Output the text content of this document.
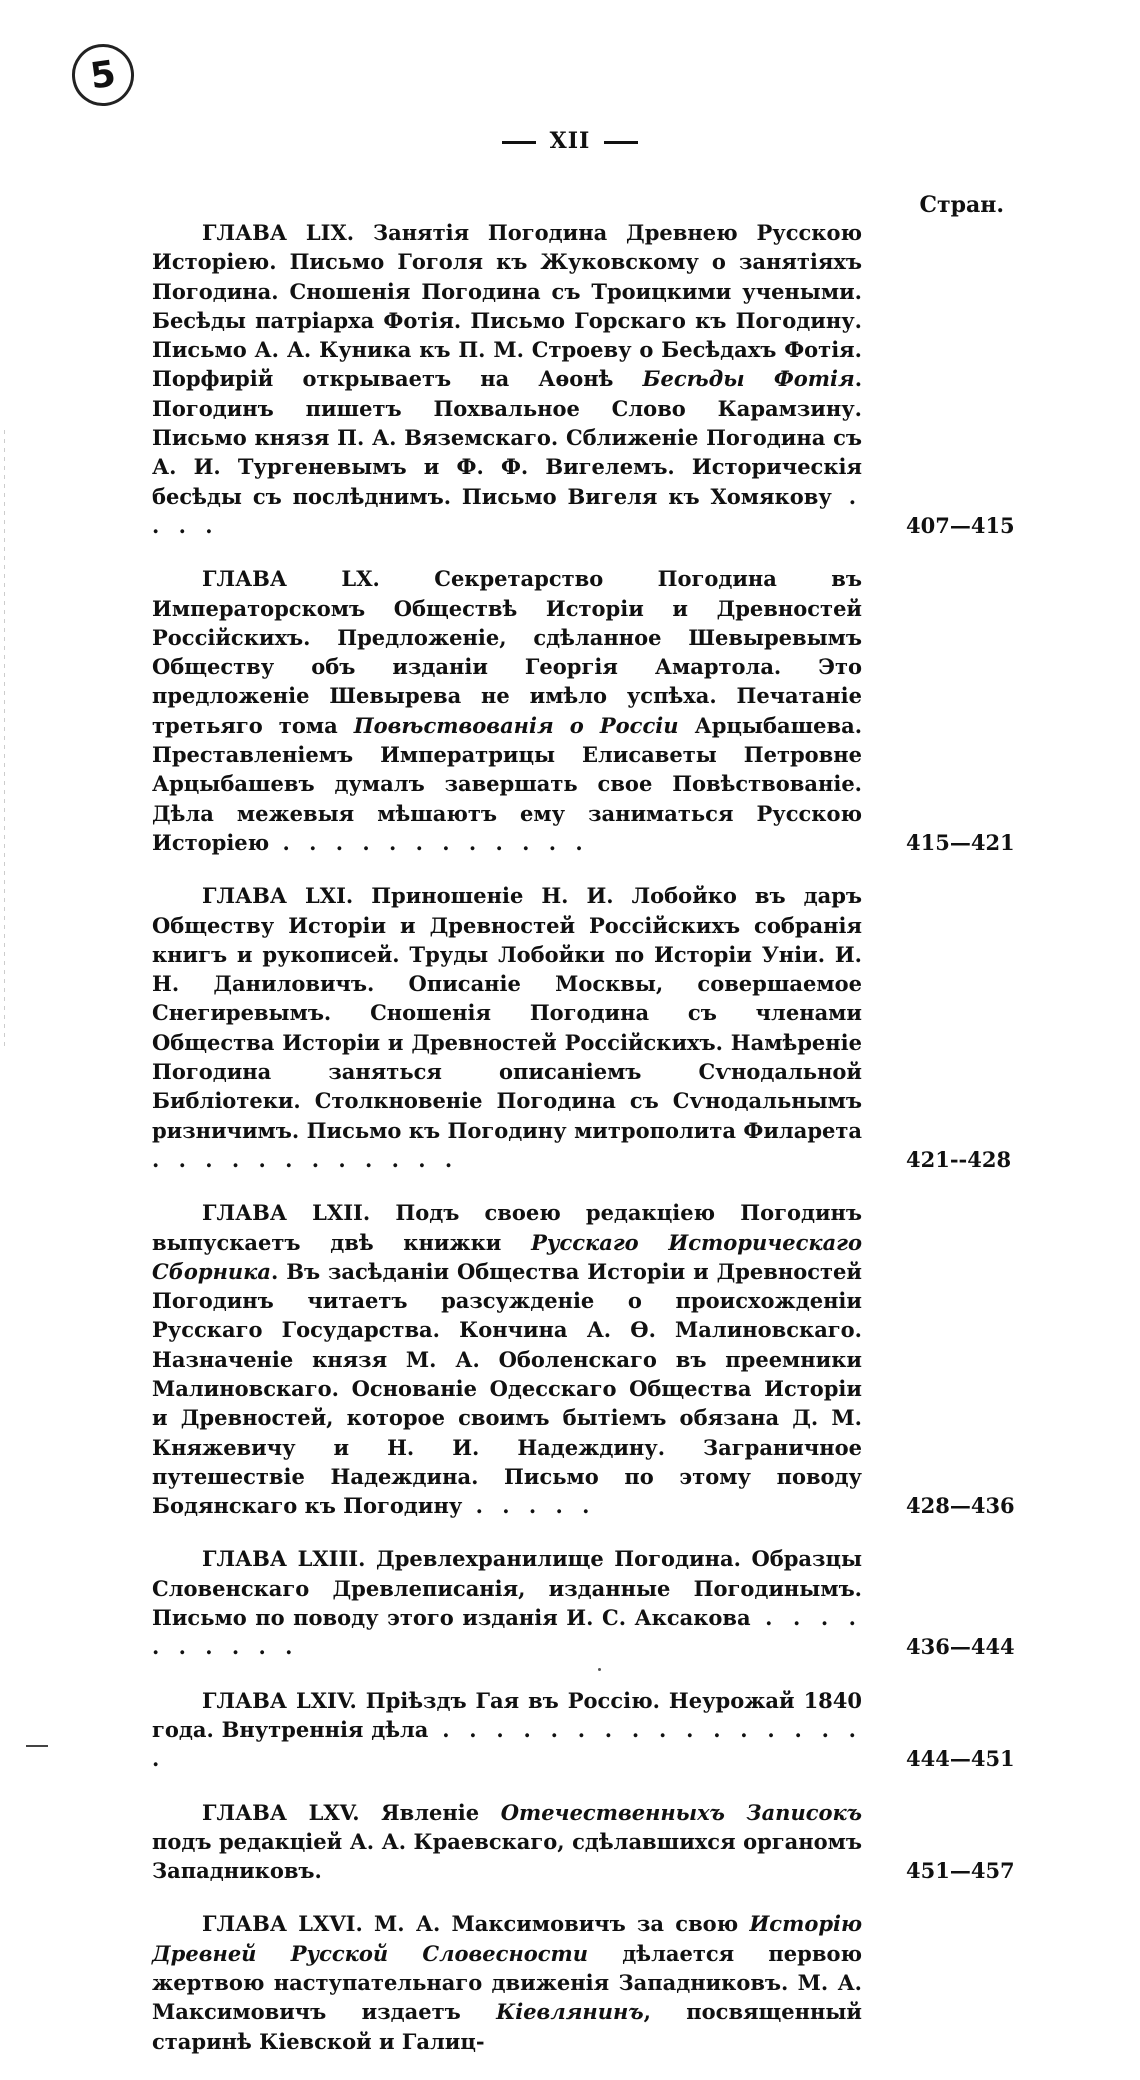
5
XII
Стран.
ГЛАВА LIX. Занятія Погодина Древнею Русскою Исторіею. Письмо Гоголя къ Жуковскому о занятіяхъ Погодина. Сношенія Погодина съ Троицкими учеными. Бесѣды патріарха Фотія. Письмо Горскаго къ Погодину. Письмо А. А. Куника къ П. М. Строеву о Бесѣдахъ Фотія. Порфирій открываетъ на Аѳонѣ Бесѣды Фотія. Погодинъ пишетъ Похвальное Слово Карамзину. Письмо князя П. А. Вяземскаго. Сближеніе Погодина съ А. И. Тургеневымъ и Ф. Ф. Вигелемъ. Историческія бесѣды съ послѣднимъ. Письмо Вигеля къ Хомякову . . . .	407—415
ГЛАВА LX.	Секретарство Погодина въ Императорскомъ Обществѣ Исторіи и Древностей Россійскихъ. Предложеніе, сдѣланное Шевыревымъ Обществу объ изданіи Георгія Амартола. Это предложеніе Шевырева не имѣло успѣха. Печатаніе третьяго тома Повѣствованія о Россіи Арцыбашева. Преставленіемъ Императрицы Елисаветы Петровне Арцыбашевъ думалъ завершать свое Повѣствованіе. Дѣла межевыя мѣшаютъ ему заниматься Русскою Исторіею . . . . . . . . . . . .	415—421
ГЛАВА LXI. Приношеніе Н. И. Лобойко въ даръ Обществу Исторіи и Древностей Россійскихъ собранія книгъ и рукописей. Труды Лобойки по Исторіи Уніи. И. Н. Даниловичъ. Описаніе Москвы, совершаемое Снегиревымъ. Сношенія Погодина съ членами Общества Исторіи и Древностей Россійскихъ. Намѣреніе Погодина заняться описаніемъ Сѵнодальной Библіотеки. Столкновеніе Погодина съ Сѵнодальнымъ ризничимъ. Письмо къ Погодину митрополита Филарета . . . . . . . . . . . .	421--428
ГЛАВА LXII. Подъ своею редакціею Погодинъ выпускаетъ двѣ книжки Русскаго Историческаго Сборника. Въ засѣданіи Общества Исторіи и Древностей Погодинъ читаетъ разсужденіе о происхожденіи Русскаго Государства. Кончина А. Ѳ. Малиновскаго. Назначеніе князя М. А. Оболенскаго въ преемники Малиновскаго. Основаніе Одесскаго Общества Исторіи и Древностей, которое своимъ бытіемъ обязана Д. М. Княжевичу и Н. И. Надеждину. Заграничное путешествіе Надеждина. Письмо по этому поводу Бодянскаго къ Погодину . . . . .	428—436
ГЛАВА LXIII. Древлехранилище Погодина. Образцы Словенскаго Древлеписанія, изданные Погодинымъ. Письмо по поводу этого изданія И. С. Аксакова . . . . . . . . . .	436—444
ГЛАВА LXIV. Пріѣздъ Гая въ Россію. Неурожай 1840 года. Внутреннія дѣла . . . . . . . . . . . . . . . . .	444—451
ГЛАВА LXV. Явленіе Отечественныхъ Записокъ подъ редакціей А. А. Краевскаго, сдѣлавшихся органомъ Западниковъ.	451—457
ГЛАВА LXVI. М. А. Максимовичъ за свою Исторію Древней Русской Словесности дѣлается первою жертвою наступательнаго движенія Западниковъ. М. А. Максимовичъ издаетъ Кіевлянинъ, посвященный старинѣ Кіевской и Галиц-
